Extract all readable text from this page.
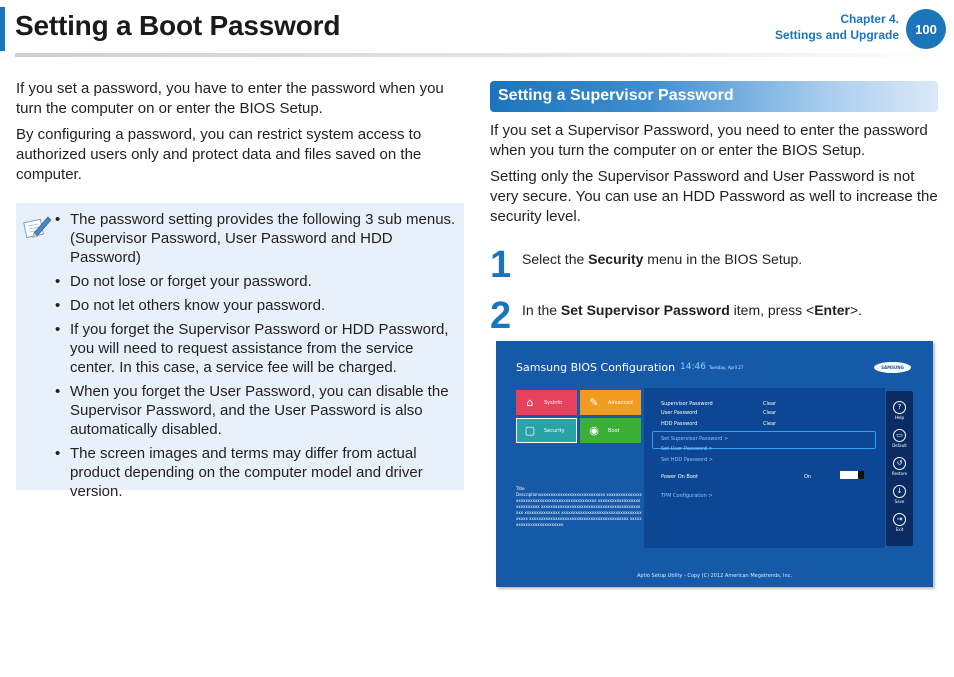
Setting a Boot Password	Chapter 4.
Settings and Upgrade	100

If you set a password, you have to enter the password when you turn the computer on or enter the BIOS Setup.

By configuring a password, you can restrict system access to authorized users only and protect data and files saved on the computer.

• The password setting provides the following 3 sub menus. (Supervisor Password, User Password and HDD Password)
• Do not lose or forget your password.
• Do not let others know your password.
• If you forget the Supervisor Password or HDD Password, you will need to request assistance from the service center. In this case, a service fee will be charged.
• When you forget the User Password, you can disable the Supervisor Password, and the User Password is also automatically disabled.
• The screen images and terms may differ from actual product depending on the computer model and driver version.
Setting a Supervisor Password

If you set a Supervisor Password, you need to enter the password when you turn the computer on or enter the BIOS Setup.

Setting only the Supervisor Password and User Password is not very secure. You can use an HDD Password as well to increase the security level.

1 Select the Security menu in the BIOS Setup.
2 In the Set Supervisor Password item, press <Enter>.
Samsung BIOS Configuration 14:46 Tuesday, April 27	SAMSUNG
⌂	SysInfo ✎	Advanced
▢	Security ◉	Boot
Title
Descriptionxxxxxxxxxxxxxxxxxxxxxxxxxxxx xxxxxxxxxxxxxxxxxxxxxxxxxxxxxxxxxxxxxxxxxxxxxxxxx xxxxxxxxxxxxxxxxxxxxxxxxxxxx xxxxxxxxxxxxxxxxxxxxxxxxxxxxxxxxxxxxxxxxxxxxx xxxxxxxxxxxxxxx xxxxxxxxxxxxxxxxxxxxxxxxxxxxxxxxxxxxxxx xxxxxxxxxxxxxxxxxxxxxxxxxxxxxxxxxxxxxxxxxx xxxxxxxxxxxxxxxxxxxxxxxxx
Supervisor Password	Clear
User Password	Clear
HDD Password	Clear
Set Supervisor Password >
Set User Password >
Set HDD Password >
Power On Boot	On
TPM Configuration >
?
Help
▭
Default
↺
Restore
↓
Save
⇥
Exit
Aptio Setup Utility - Copy (C) 2012 American Megatrends, Inc.
